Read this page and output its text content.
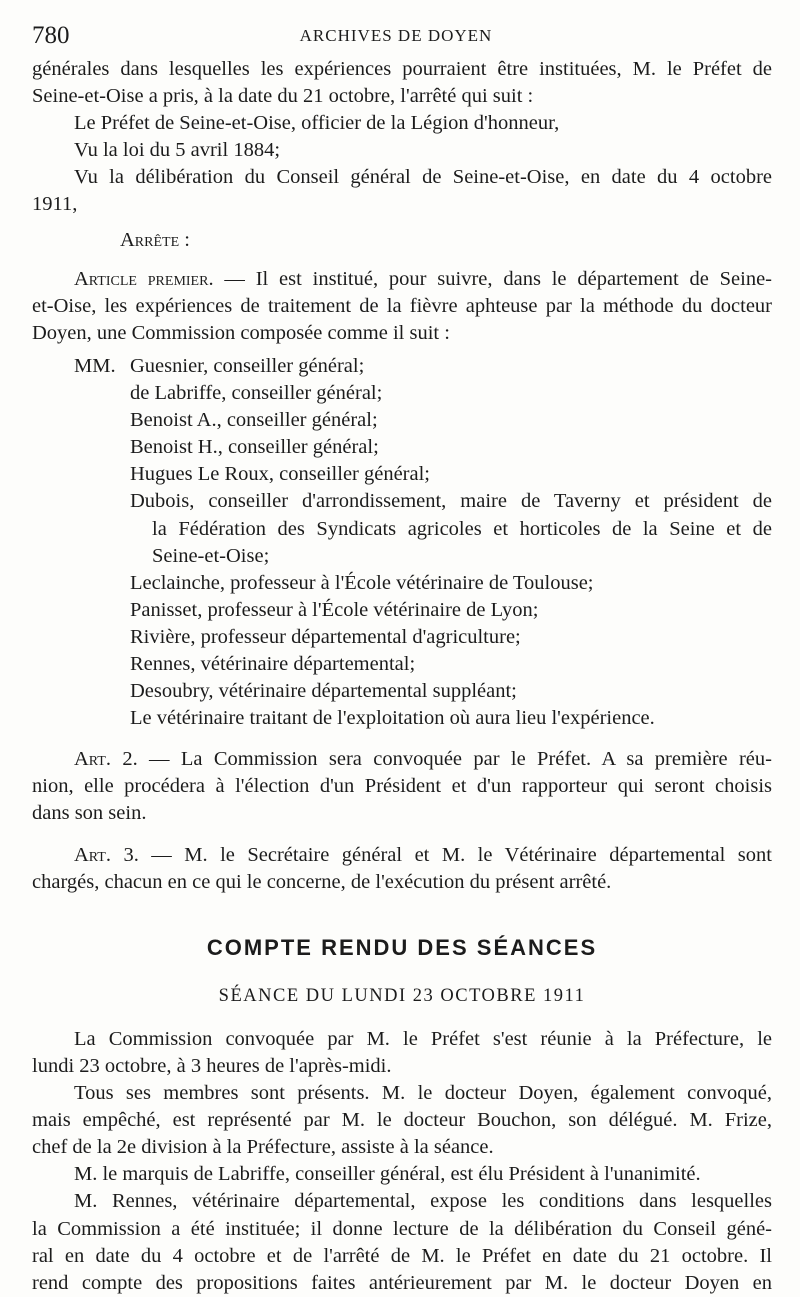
780	ARCHIVES DE DOYEN
générales dans lesquelles les expériences pourraient être instituées, M. le Préfet de
Seine-et-Oise a pris, à la date du 21 octobre, l'arrêté qui suit :
Le Préfet de Seine-et-Oise, officier de la Légion d'honneur,
Vu la loi du 5 avril 1884;
Vu la délibération du Conseil général de Seine-et-Oise, en date du 4 octobre
1911,
Arrête :
Article premier. — Il est institué, pour suivre, dans le département de Seine-
et-Oise, les expériences de traitement de la fièvre aphteuse par la méthode du docteur
Doyen, une Commission composée comme il suit :
MM. Guesnier, conseiller général;
de Labriffe, conseiller général;
Benoist A., conseiller général;
Benoist H., conseiller général;
Hugues Le Roux, conseiller général;
Dubois, conseiller d'arrondissement, maire de Taverny et président de
la Fédération des Syndicats agricoles et horticoles de la Seine et de
Seine-et-Oise;
Leclainche, professeur à l'École vétérinaire de Toulouse;
Panisset, professeur à l'École vétérinaire de Lyon;
Rivière, professeur départemental d'agriculture;
Rennes, vétérinaire départemental;
Desoubry, vétérinaire départemental suppléant;
Le vétérinaire traitant de l'exploitation où aura lieu l'expérience.
Art. 2. — La Commission sera convoquée par le Préfet. A sa première réu-
nion, elle procédera à l'élection d'un Président et d'un rapporteur qui seront choisis
dans son sein.
Art. 3. — M. le Secrétaire général et M. le Vétérinaire départemental sont
chargés, chacun en ce qui le concerne, de l'exécution du présent arrêté.
COMPTE RENDU DES SÉANCES
SÉANCE DU LUNDI 23 OCTOBRE 1911
La Commission convoquée par M. le Préfet s'est réunie à la Préfecture, le
lundi 23 octobre, à 3 heures de l'après-midi.
Tous ses membres sont présents. M. le docteur Doyen, également convoqué,
mais empêché, est représenté par M. le docteur Bouchon, son délégué. M. Frize,
chef de la 2e division à la Préfecture, assiste à la séance.
M. le marquis de Labriffe, conseiller général, est élu Président à l'unanimité.
M. Rennes, vétérinaire départemental, expose les conditions dans lesquelles
la Commission a été instituée; il donne lecture de la délibération du Conseil géné-
ral en date du 4 octobre et de l'arrêté de M. le Préfet en date du 21 octobre. Il
rend compte des propositions faites antérieurement par M. le docteur Doyen en
